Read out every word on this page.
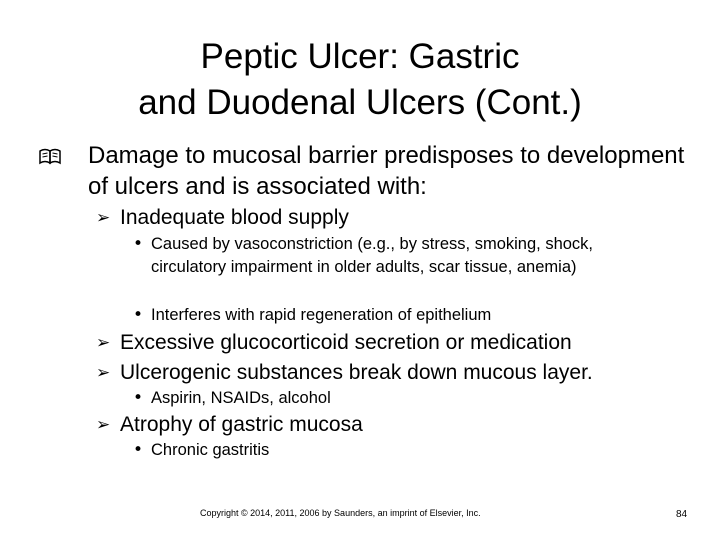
Peptic Ulcer: Gastric
and Duodenal Ulcers (Cont.)
Damage to mucosal barrier predisposes to development of ulcers and is associated with:
➢ Inadequate blood supply
• Caused by vasoconstriction (e.g., by stress, smoking, shock, circulatory impairment in older adults, scar tissue, anemia)
• Interferes with rapid regeneration of epithelium
➢ Excessive glucocorticoid secretion or medication
➢ Ulcerogenic substances break down mucous layer.
• Aspirin, NSAIDs, alcohol
➢ Atrophy of gastric mucosa
• Chronic gastritis
Copyright © 2014, 2011, 2006 by Saunders, an imprint of Elsevier, Inc.	84
